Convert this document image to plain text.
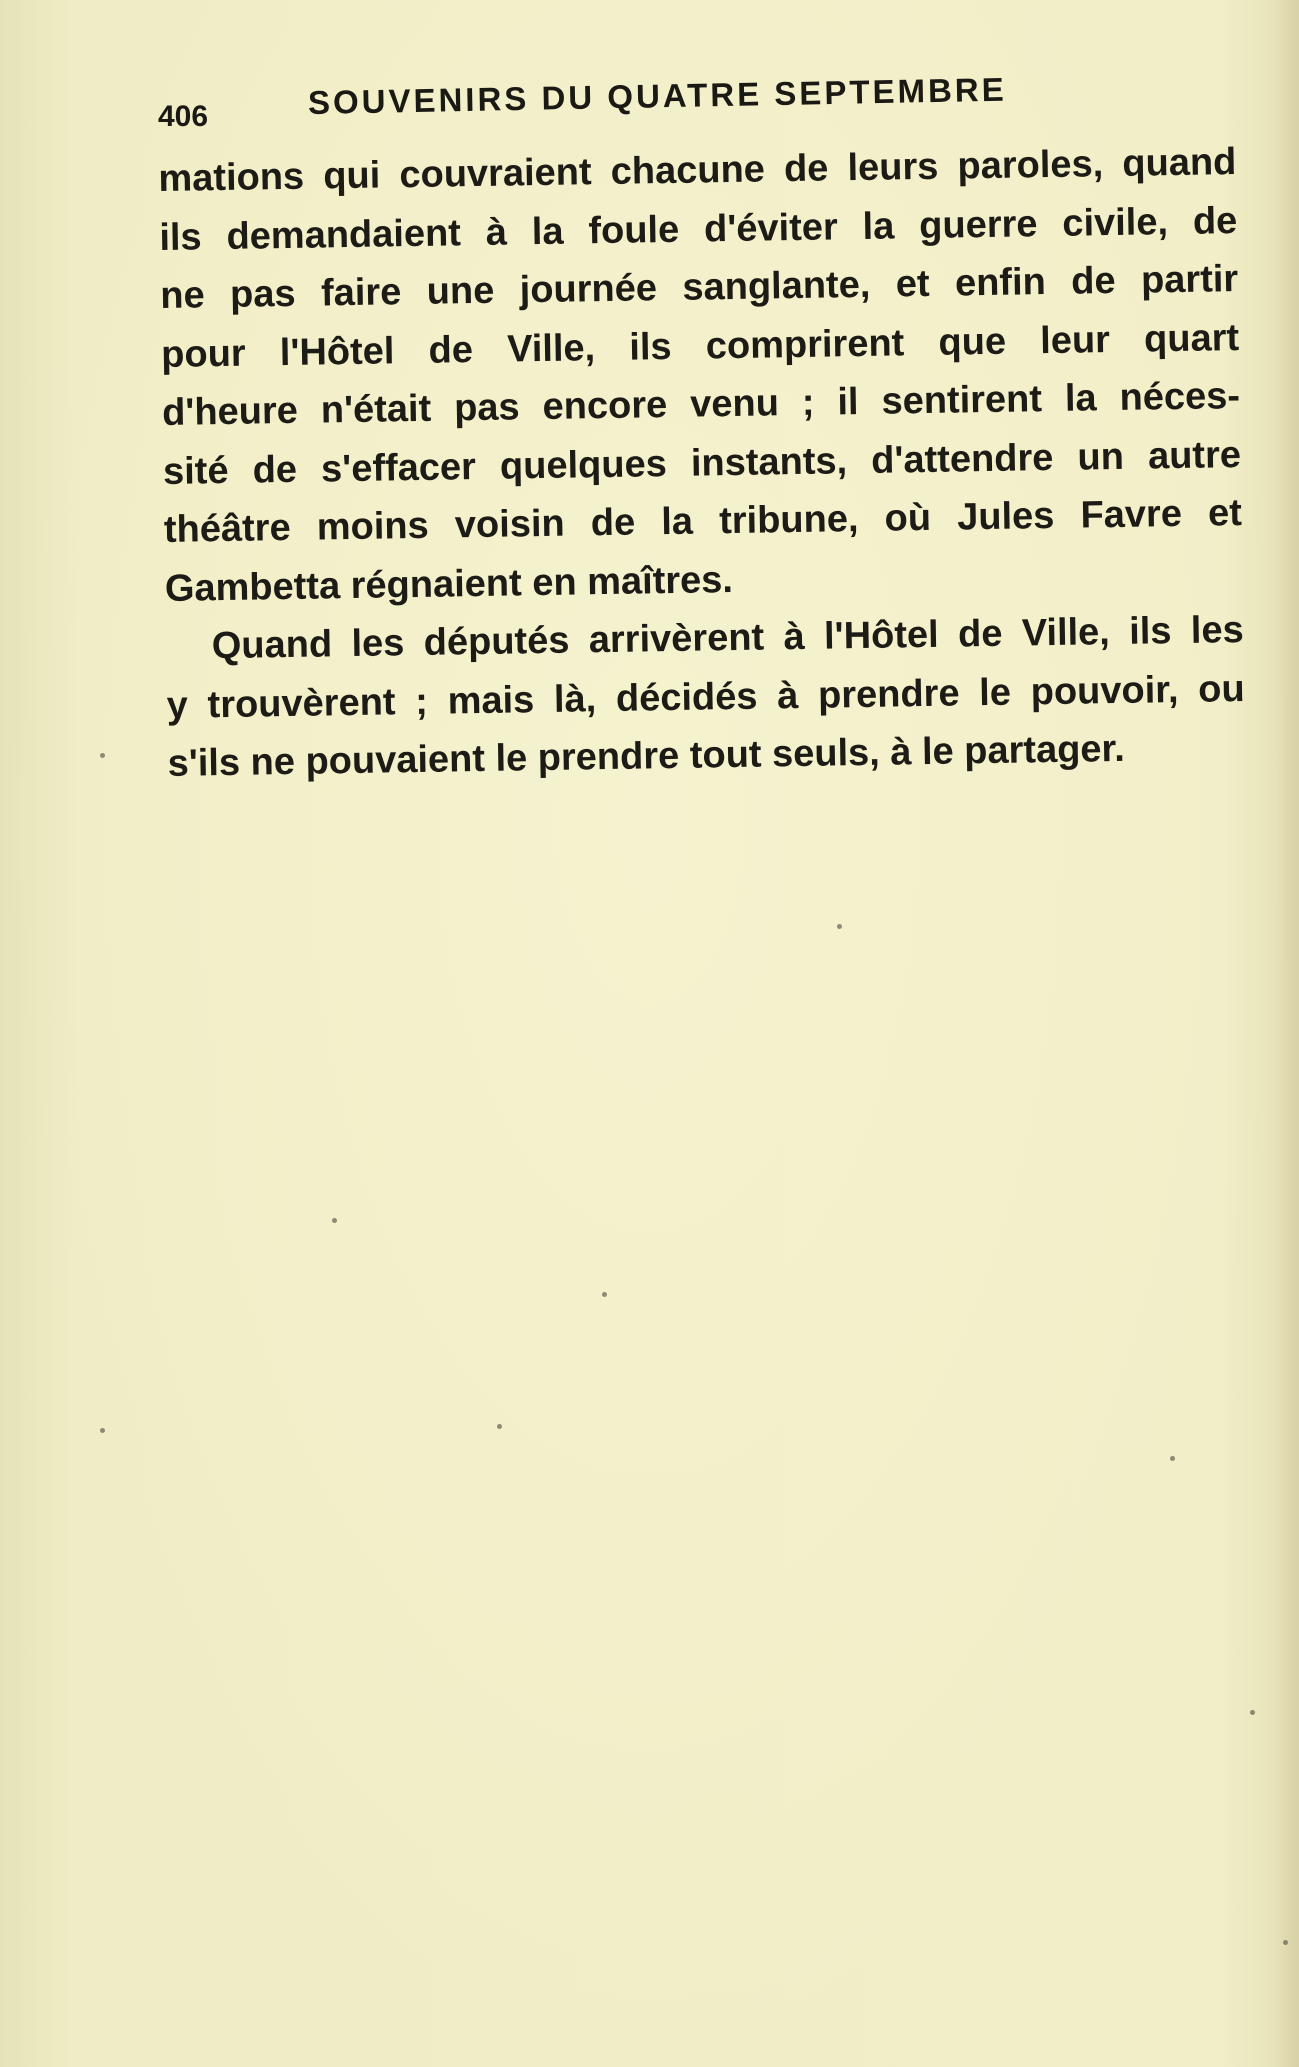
406	SOUVENIRS DU QUATRE SEPTEMBRE
mations qui couvraient chacune de leurs paroles, quand
ils demandaient à la foule d'éviter la guerre civile, de
ne pas faire une journée sanglante, et enfin de partir
pour l'Hôtel de Ville, ils comprirent que leur quart
d'heure n'était pas encore venu ; il sentirent la néces-
sité de s'effacer quelques instants, d'attendre un autre
théâtre moins voisin de la tribune, où Jules Favre et
Gambetta régnaient en maîtres.
Quand les députés arrivèrent à l'Hôtel de Ville, ils les
y trouvèrent ; mais là, décidés à prendre le pouvoir, ou
s'ils ne pouvaient le prendre tout seuls, à le partager.
